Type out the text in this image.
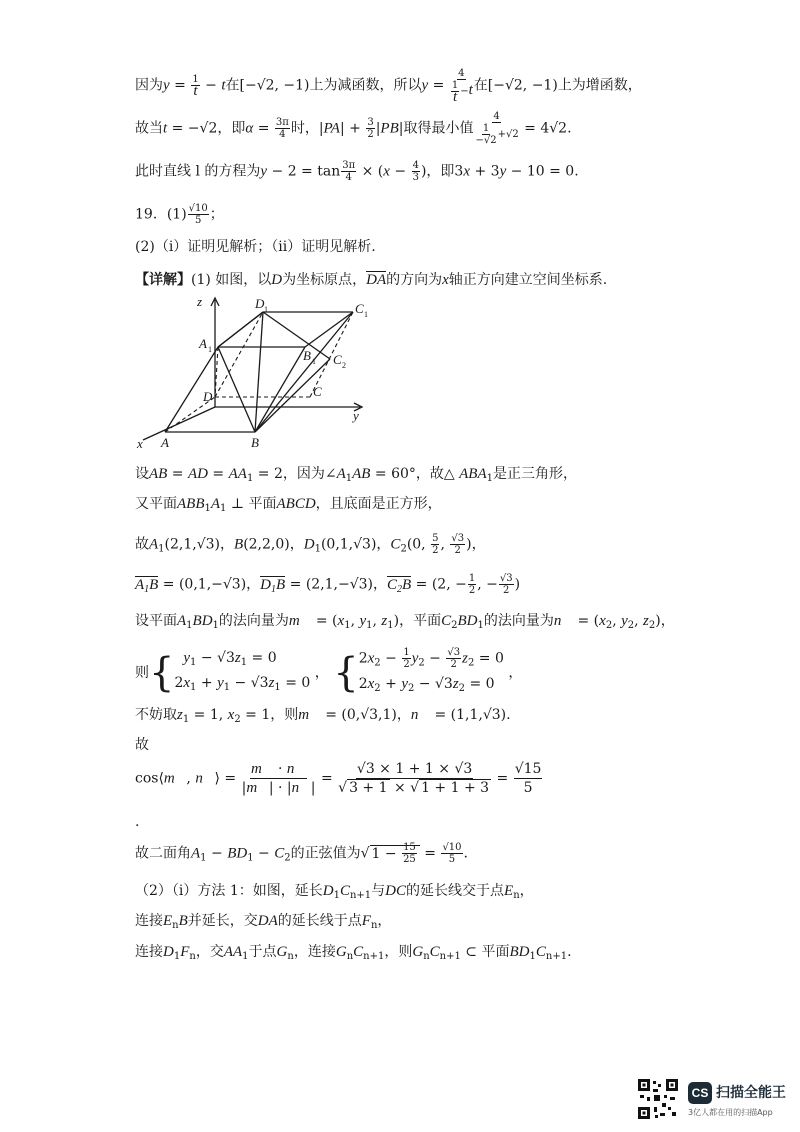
因为$y = \frac{1}{t} - t$在[−√2, −1)上为减函数，所以$y = \frac{4}{\frac{1}{t} -t}$ 在[−√2, −1)上为增函数，
故当t = −√2，即$\alpha = \frac{3\pi}{4}$ 时，$|PA| + \frac{3}{2} |PB|$取得最小值 $\frac{4}{\frac{1}{-√2} +√2} = 4√2$.
此时直线 l 的方程为$y - 2 = \tan \frac{3\pi}{4} \times (x - \frac{4}{3}$ )，即3x + 3y − 10 = 0.
19．$(1) \frac{√10}{5}$ ；
(2)（i）证明见解析；（ii）证明见解析.
【详解】(1) 如图，以D为坐标原点，DA的方向为x轴正方向建立空间坐标系.
z
y
x A	B
C
D
A 1	B 1
C 1
D 1
C 2
设AB = AD = $AA_1 = 2$，因为$\angle A_1AB = 60^\circ$，故△ $ABA_1$是正三角形，
又平面$ABB_1A_1$ ⊥ 平面ABCD，且底面是正方形，
故$A_1(2,1,√3)$，B(2,2,0)，$D_1(0,1,√3)$，$C_2(0$, $\frac{5}{2}$ , $\frac{√3}{2}$ )，
$A_1B = (0,1,-√3)$，$D_1B = (2,1,-√3)$，$C_2B = (2$, − $\frac{1}{2}$ , − $\frac{√3}{2}$ )
设平面$A_1BD_1$的法向量为m⃗ = ($x_1$, $y_1$, $z_1$)，平面$C_2BD_1$的法向量为n⃗ = ($x_2$, $y_2$, $z_2$)，
则{ $y_1 - √3z_1 = 0$
$2x_1 + y_1 - √3z_1 = 0$
， { $2x_2 - \frac{1}{2} y_2 - \frac{√3}{2} z_2 = 0$
$2x_2 + y_2 - √3z_2 = 0$
，
不妨取$z_1 = 1$, $x_2 = 1$，则m⃗ = (0,√3,1)，n⃗ = (1,1,√3).
故
cos⟨m⃗, n⃗⟩ = $\frac{m⃗ \cdot n⃗}{|m⃗| \cdot |n⃗|} = \frac{√3 \times 1 + 1 \times √3}{√ 3 + 1 \times √ 1 + 1 + 3} = \frac{√15}{5}$
.
故二面角$A_1 - BD_1 - C_2$的正弦值为√ $1 - \frac{15}{25} = \frac{√10}{5}$ .
（2）（i）方法 1：如图，延长$D_1C_{n+1}$与DC的延长线交于点$E_n$，
连接$E_nB$并延长，交DA的延长线于点$F_n$，
连接$D_1F_n$，交$AA_1$于点$G_n$，连接$G_nC_{n+1}$，则$G_nC_{n+1}$ ⊂ 平面$BD_1C_{n+1}$.
CS 扫描全能王
3亿人都在用的扫描App
